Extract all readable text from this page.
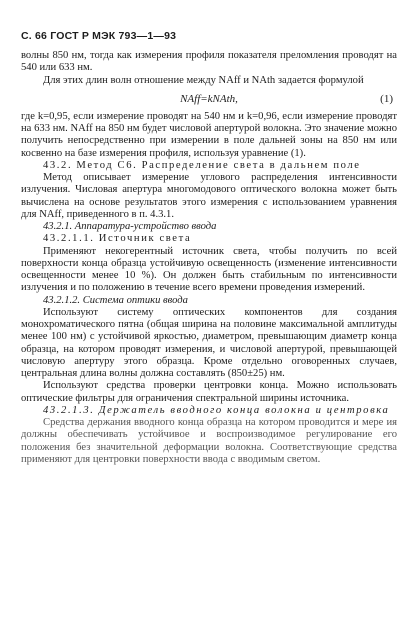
С. 66 ГОСТ Р МЭК 793—1—93

волны 850 нм, тогда как измерения профиля показателя преломления проводят на 540 или 633 нм.

Для этих длин волн отношение между NAff и NAth задается формулой

NAff=kNAth,	(1)

где k=0,95, если измерение проводят на 540 нм и k=0,96, если измерение проводят на 633 нм. NAff на 850 нм будет числовой апертурой волокна. Это значение можно получить непосредственно при измерении в поле дальней зоны на 850 нм или косвенно на базе измерения профиля, используя уравнение (1).

43.2. Метод С6. Распределение света в дальнем поле

Метод описывает измерение углового распределения интенсивности излучения. Числовая апертура многомодового оптического волокна может быть вычислена на основе результатов этого измерения с использованием уравнения для NAff, приведенного в п. 4.3.1.

43.2.1. Аппаратура-устройство ввода

43.2.1.1. Источник света

Применяют некогерентный источник света, чтобы получить по всей поверхности конца образца устойчивую освещенность (изменение интенсивности освещенности менее 10 %). Он должен быть стабильным по интенсивности излучения и по положению в течение всего времени проведения измерений.

43.2.1.2. Система оптики ввода

Используют систему оптических компонентов для создания монохроматического пятна (общая ширина на половине максимальной амплитуды менее 100 нм) с устойчивой яркостью, диаметром, превышающим диаметр конца образца, на котором проводят измерения, и числовой апертурой, превышающей числовую апертуру этого образца. Кроме отдельно оговоренных случаев, центральная длина волны должна составлять (850±25) нм.

Используют средства проверки центровки конца. Можно использовать оптические фильтры для ограничения спектральной ширины источника.

43.2.1.3. Держатель вводного конца волокна и центровка

Средства держания вводного конца образца на котором проводится и мере ия должны обеспечивать устойчивое и воспроизводимое регулирование его положения без значительной деформации волокна. Соответствующие средства применяют для центровки поверхности ввода с вводимым светом.
